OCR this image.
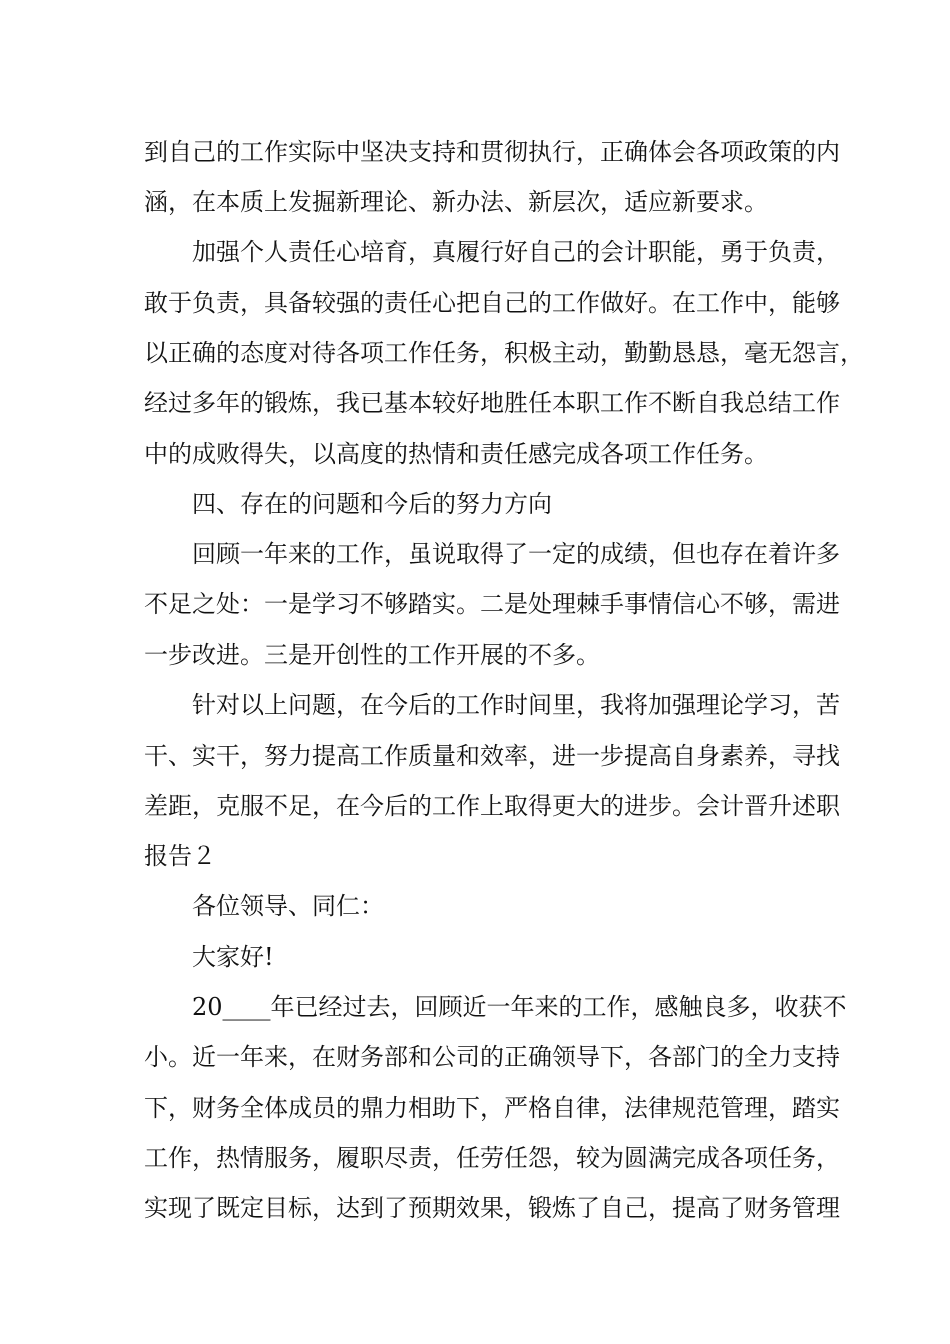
到自己的工作实际中坚决支持和贯彻执行，正确体会各项政策的内
涵，在本质上发掘新理论、新办法、新层次，适应新要求。
加强个人责任心培育，真履行好自己的会计职能，勇于负责，
敢于负责，具备较强的责任心把自己的工作做好。在工作中，能够
以正确的态度对待各项工作任务，积极主动，勤勤恳恳，毫无怨言，
经过多年的锻炼，我已基本较好地胜任本职工作不断自我总结工作
中的成败得失，以高度的热情和责任感完成各项工作任务。
四、存在的问题和今后的努力方向
回顾一年来的工作，虽说取得了一定的成绩，但也存在着许多
不足之处：一是学习不够踏实。二是处理棘手事情信心不够，需进
一步改进。三是开创性的工作开展的不多。
针对以上问题，在今后的工作时间里，我将加强理论学习，苦
干、实干，努力提高工作质量和效率，进一步提高自身素养，寻找
差距，克服不足，在今后的工作上取得更大的进步。会计晋升述职
报告２
各位领导、同仁：
大家好!
20____年已经过去，回顾近一年来的工作，感触良多，收获不
小。近一年来，在财务部和公司的正确领导下，各部门的全力支持
下，财务全体成员的鼎力相助下，严格自律，法律规范管理，踏实
工作，热情服务，履职尽责，任劳任怨，较为圆满完成各项任务，
实现了既定目标，达到了预期效果，锻炼了自己，提高了财务管理
